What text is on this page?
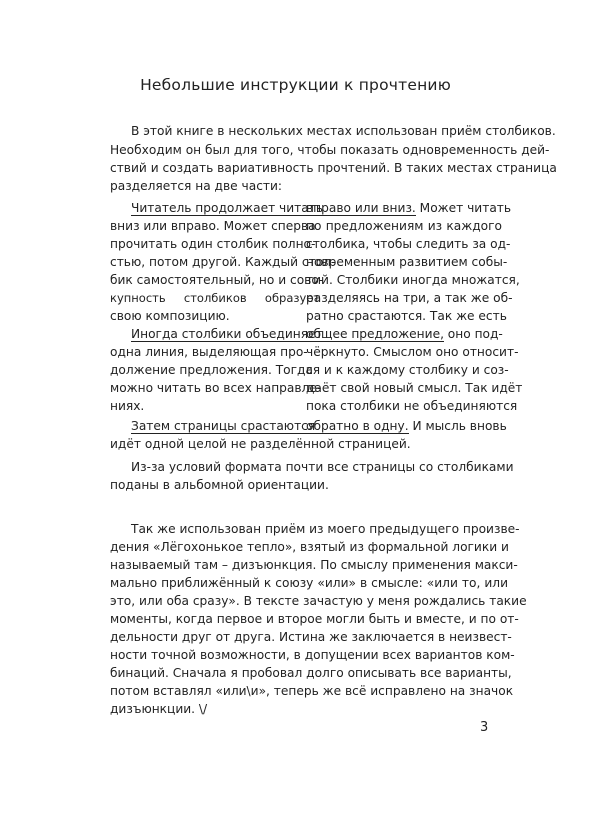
Небольшие инструкции к прочтению

В этой книге в нескольких местах использован приём столбиков.

Необходим он был для того, чтобы показать одновременность дей-

ствий и создать вариативность прочтений. В таких местах страница

разделяется на две части:

Читатель продолжает читать

вниз или вправо. Может сперва

прочитать один столбик полно-

стью, потом другой. Каждый стол-

бик самостоятельный, но и сово-

купность     столбиков     образует

свою композицию.

Иногда столбики объединяет

одна линия, выделяющая про-

должение предложения. Тогда

можно читать во всех направле-

ниях.

вправо или вниз. Может читать

по предложениям из каждого

столбика, чтобы следить за од-

новременным развитием собы-

тий. Столбики иногда множатся,

разделяясь на три, а так же об-

ратно срастаются. Так же есть

общее предложение, оно под-

чёркнуто. Смыслом оно относит-

ся и к каждому столбику и соз-

даёт свой новый смысл. Так идёт

пока столбики не объединяются

Затем страницы срастаются

обратно в одну. И мысль вновь

идёт одной целой не разделённой страницей.

Из-за условий формата почти все страницы со столбиками

поданы в альбомной ориентации.

Так же использован приём из моего предыдущего произве-

дения «Лёгохонькое тепло», взятый из формальной логики и

называемый там – дизъюнкция. По смыслу применения макси-

мально приближённый к союзу «или» в смысле: «или то, или

это, или оба сразу». В тексте зачастую у меня рождались такие

моменты, когда первое и второе могли быть и вместе, и по от-

дельности друг от друга. Истина же заключается в неизвест-

ности точной возможности, в допущении всех вариантов ком-

бинаций. Сначала я пробовал долго описывать все варианты,

потом вставлял «или\и», теперь же всё исправлено на значок

дизъюнкции. \/

3
